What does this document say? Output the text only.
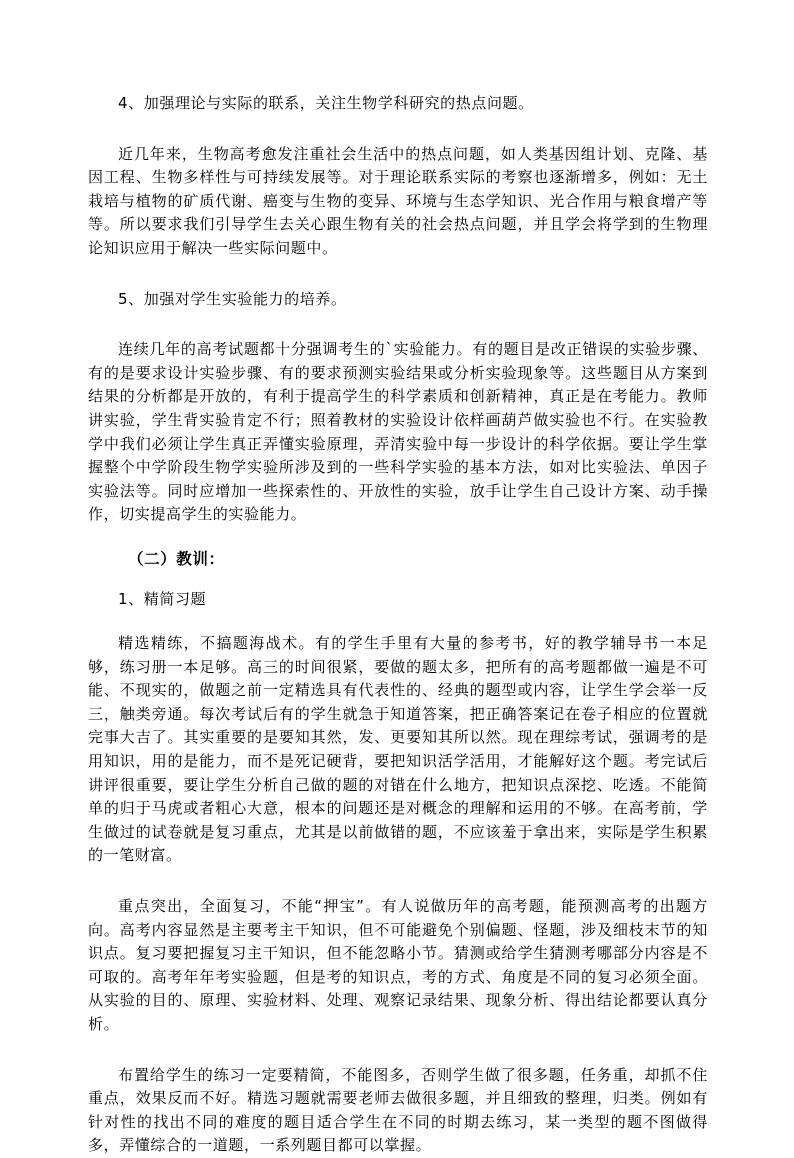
4、加强理论与实际的联系，关注生物学科研究的热点问题。

近几年来，生物高考愈发注重社会生活中的热点问题，如人类基因组计划、克隆、基因工程、生物多样性与可持续发展等。对于理论联系实际的考察也逐渐增多，例如：无土栽培与植物的矿质代谢、癌变与生物的变异、环境与生态学知识、光合作用与粮食增产等等。所以要求我们引导学生去关心跟生物有关的社会热点问题，并且学会将学到的生物理论知识应用于解决一些实际问题中。

5、加强对学生实验能力的培养。

连续几年的高考试题都十分强调考生的`实验能力。有的题目是改正错误的实验步骤、有的是要求设计实验步骤、有的要求预测实验结果或分析实验现象等。这些题目从方案到结果的分析都是开放的，有利于提高学生的科学素质和创新精神，真正是在考能力。教师讲实验，学生背实验肯定不行；照着教材的实验设计依样画葫芦做实验也不行。在实验教学中我们必须让学生真正弄懂实验原理，弄清实验中每一步设计的科学依据。要让学生掌握整个中学阶段生物学实验所涉及到的一些科学实验的基本方法，如对比实验法、单因子实验法等。同时应增加一些探索性的、开放性的实验，放手让学生自己设计方案、动手操作，切实提高学生的实验能力。

（二）教训：

1、精简习题

精选精练，不搞题海战术。有的学生手里有大量的参考书，好的教学辅导书一本足够，练习册一本足够。高三的时间很紧，要做的题太多，把所有的高考题都做一遍是不可能、不现实的，做题之前一定精选具有代表性的、经典的题型或内容，让学生学会举一反三，触类旁通。每次考试后有的学生就急于知道答案，把正确答案记在卷子相应的位置就完事大吉了。其实重要的是要知其然，发、更要知其所以然。现在理综考试，强调考的是用知识，用的是能力，而不是死记硬背，要把知识活学活用，才能解好这个题。考完试后讲评很重要，要让学生分析自己做的题的对错在什么地方，把知识点深挖、吃透。不能简单的归于马虎或者粗心大意，根本的问题还是对概念的理解和运用的不够。在高考前，学生做过的试卷就是复习重点，尤其是以前做错的题，不应该羞于拿出来，实际是学生积累的一笔财富。

重点突出，全面复习，不能“押宝”。有人说做历年的高考题，能预测高考的出题方向。高考内容显然是主要考主干知识，但不可能避免个别偏题、怪题，涉及细枝末节的知识点。复习要把握复习主干知识，但不能忽略小节。猜测或给学生猜测考哪部分内容是不可取的。高考年年考实验题，但是考的知识点，考的方式、角度是不同的复习必须全面。从实验的目的、原理、实验材料、处理、观察记录结果、现象分析、得出结论都要认真分析。

布置给学生的练习一定要精简，不能图多，否则学生做了很多题，任务重，却抓不住重点，效果反而不好。精选习题就需要老师去做很多题，并且细致的整理，归类。例如有针对性的找出不同的难度的题目适合学生在不同的时期去练习，某一类型的题不图做得多，弄懂综合的一道题，一系列题目都可以掌握。
